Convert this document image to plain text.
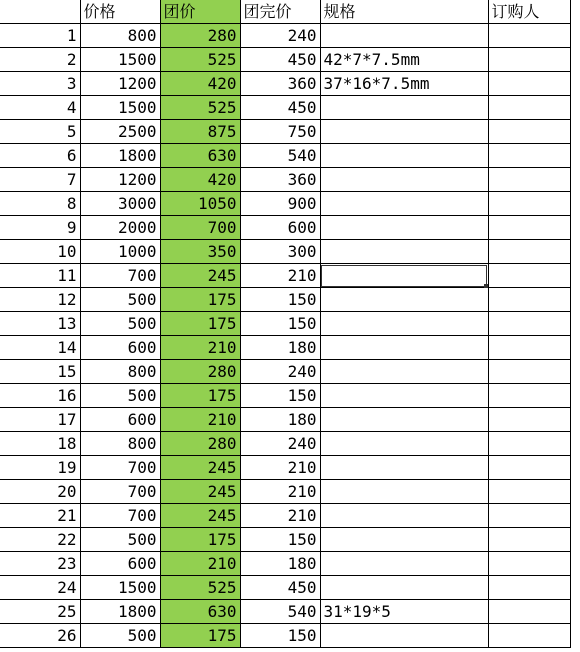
	价格	团价	团完价	规格	订购人
1	800	280	240		
2	1500	525	450	42*7*7.5mm	
3	1200	420	360	37*16*7.5mm	
4	1500	525	450		
5	2500	875	750		
6	1800	630	540		
7	1200	420	360		
8	3000	1050	900		
9	2000	700	600		
10	1000	350	300		
11	700	245	210		
12	500	175	150		
13	500	175	150		
14	600	210	180		
15	800	280	240		
16	500	175	150		
17	600	210	180		
18	800	280	240		
19	700	245	210		
20	700	245	210		
21	700	245	210		
22	500	175	150		
23	600	210	180		
24	1500	525	450		
25	1800	630	540	31*19*5	
26	500	175	150		
